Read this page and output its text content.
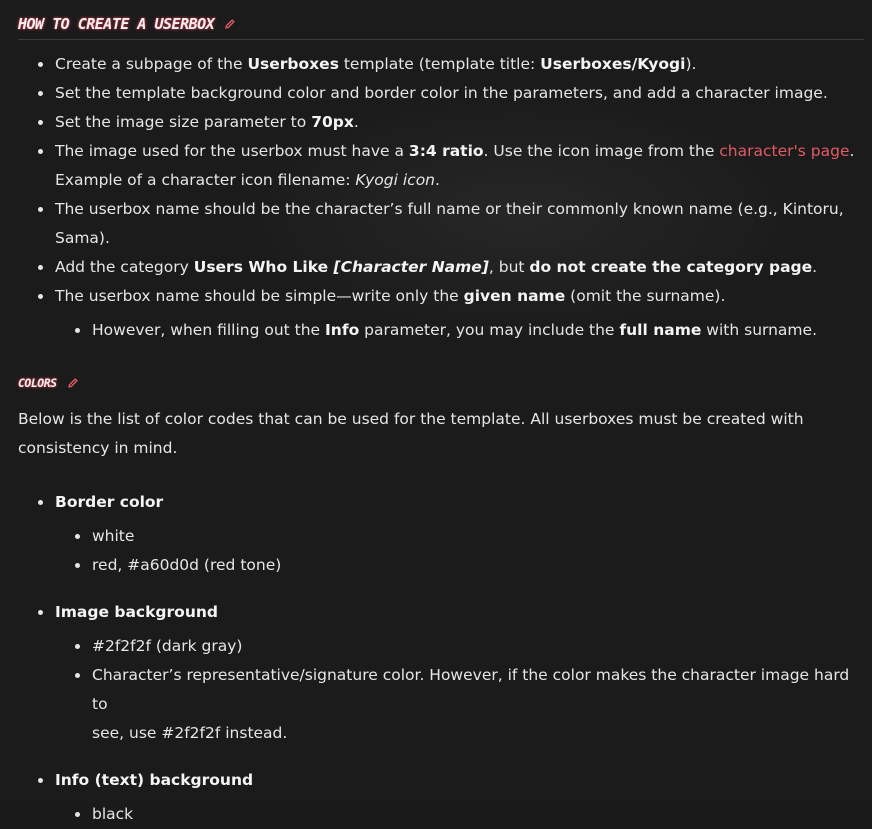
HOW TO CREATE A USERBOX
Create a subpage of the Userboxes template (template title: Userboxes/Kyogi).
Set the template background color and border color in the parameters, and add a character image.
Set the image size parameter to 70px.
The image used for the userbox must have a 3:4 ratio. Use the icon image from the character's page.
Example of a character icon filename: Kyogi icon.
The userbox name should be the character’s full name or their commonly known name (e.g., Kintoru,
Sama).
Add the category Users Who Like [Character Name], but do not create the category page.
The userbox name should be simple—write only the given name (omit the surname).
However, when filling out the Info parameter, you may include the full name with surname.
COLORS
Below is the list of color codes that can be used for the template. All userboxes must be created with
consistency in mind.
Border color
white
red, #a60d0d (red tone)
Image background
#2f2f2f (dark gray)
Character’s representative/signature color. However, if the color makes the character image hard to
see, use #2f2f2f instead.
Info (text) background
black
